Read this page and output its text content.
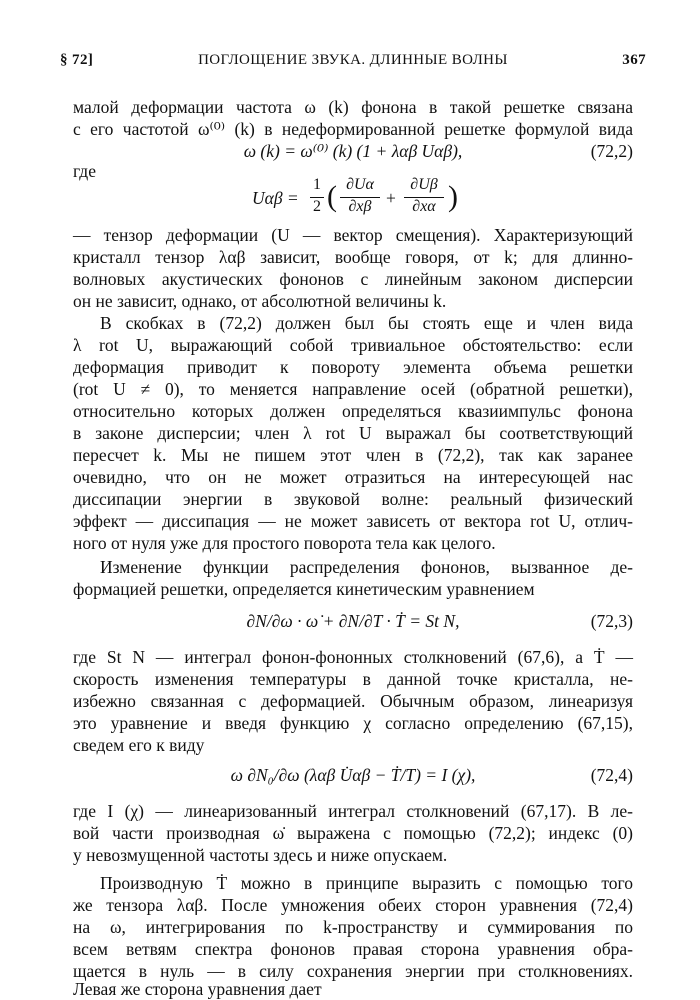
§ 72]	ПОГЛОЩЕНИЕ ЗВУКА. ДЛИННЫЕ ВОЛНЫ	367
малой деформации частота ω (k) фонона в такой решетке связана
с его частотой ω⁽⁰⁾ (k) в недеформированной решетке формулой вида
ω (k) = ω⁽⁰⁾ (k) (1 + λαβ Uαβ),	(72,2)
где
Uαβ =
1
2 ( ∂Uα
∂xβ +
∂Uβ
∂xα )
— тензор деформации (U — вектор смещения). Характеризующий
кристалл тензор λαβ зависит, вообще говоря, от k; для длинно-
волновых акустических фононов с линейным законом дисперсии
он не зависит, однако, от абсолютной величины k.
В скобках в (72,2) должен был бы стоять еще и член вида
λ rot U, выражающий собой тривиальное обстоятельство: если
деформация приводит к повороту элемента объема решетки
(rot U ≠ 0), то меняется направление осей (обратной решетки),
относительно которых должен определяться квазиимпульс фонона
в законе дисперсии; член λ rot U выражал бы соответствующий
пересчет k. Мы не пишем этот член в (72,2), так как заранее
очевидно, что он не может отразиться на интересующей нас
диссипации энергии в звуковой волне: реальный физический
эффект — диссипация — не может зависеть от вектора rot U, отлич-
ного от нуля уже для простого поворота тела как целого.
Изменение функции распределения фононов, вызванное де-
формацией решетки, определяется кинетическим уравнением
∂N/∂ω · ω̇ + ∂N/∂T · Ṫ = St N,	(72,3)
где St N — интеграл фонон-фононных столкновений (67,6), а Ṫ —
скорость изменения температуры в данной точке кристалла, не-
избежно связанная с деформацией. Обычным образом, линеаризуя
это уравнение и введя функцию χ согласно определению (67,15),
сведем его к виду
ω ∂N₀/∂ω (λαβ U̇αβ − Ṫ/T) = I (χ),	(72,4)
где I (χ) — линеаризованный интеграл столкновений (67,17). В ле-
вой части производная ω̇ выражена с помощью (72,2); индекс (0)
у невозмущенной частоты здесь и ниже опускаем.
Производную Ṫ можно в принципе выразить с помощью того
же тензора λαβ. После умножения обеих сторон уравнения (72,4)
на ω, интегрирования по k-пространству и суммирования по
всем ветвям спектра фононов правая сторона уравнения обра-
щается в нуль — в силу сохранения энергии при столкновениях.
Левая же сторона уравнения дает
